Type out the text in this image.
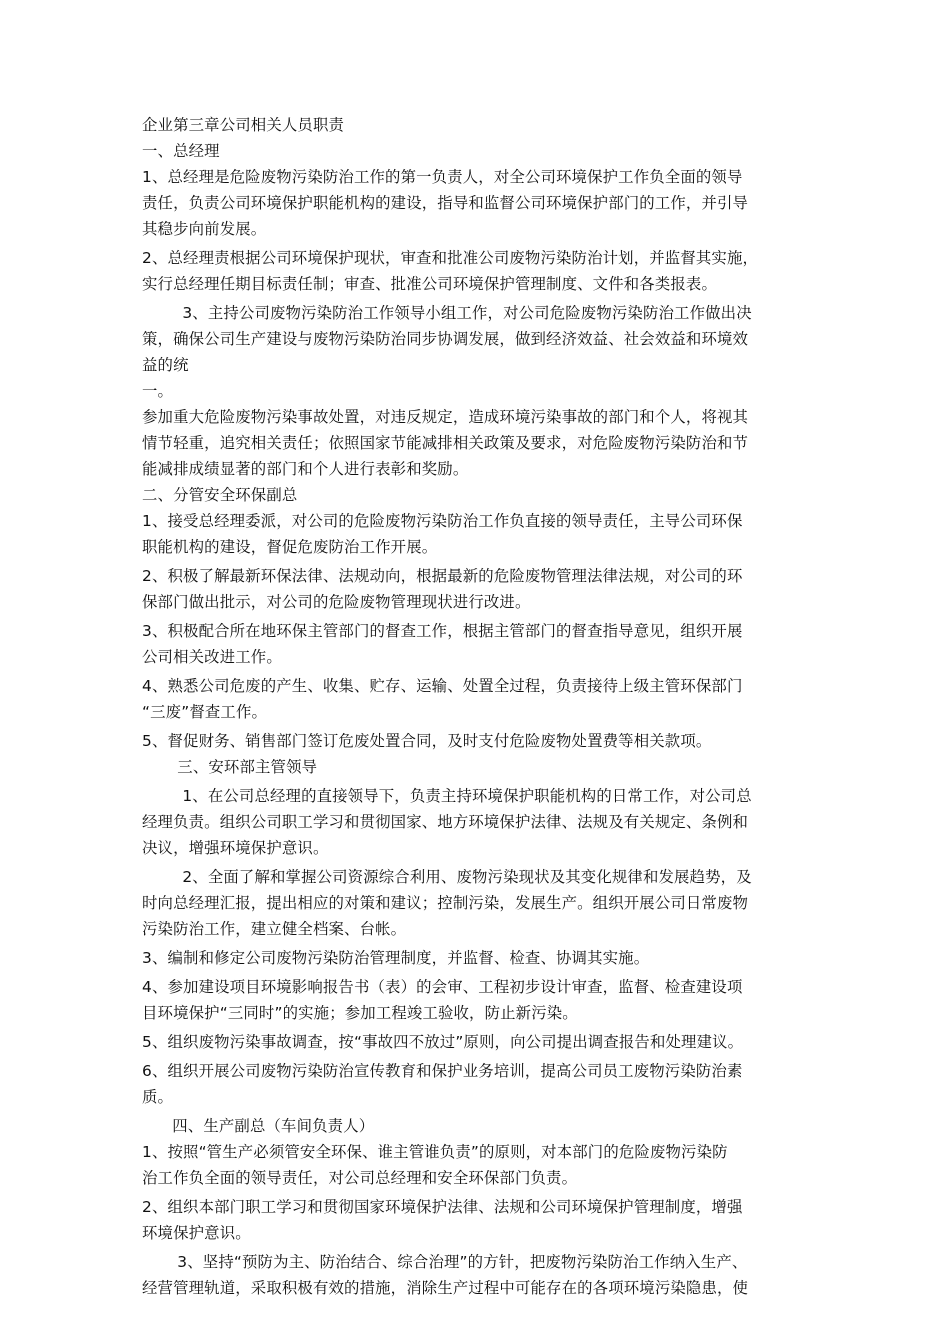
企业第三章公司相关人员职责
一、总经理
1、总经理是危险废物污染防治工作的第一负责人，对全公司环境保护工作负全面的领导
责任，负责公司环境保护职能机构的建设，指导和监督公司环境保护部门的工作，并引导
其稳步向前发展。
2、总经理责根据公司环境保护现状，审查和批准公司废物污染防治计划，并监督其实施，
实行总经理任期目标责任制；审查、批准公司环境保护管理制度、文件和各类报表。
3、主持公司废物污染防治工作领导小组工作，对公司危险废物污染防治工作做出决
策，确保公司生产建设与废物污染防治同步协调发展，做到经济效益、社会效益和环境效
益的统
一。
参加重大危险废物污染事故处置，对违反规定，造成环境污染事故的部门和个人，将视其
情节轻重，追究相关责任；依照国家节能减排相关政策及要求，对危险废物污染防治和节
能减排成绩显著的部门和个人进行表彰和奖励。
二、分管安全环保副总
1、接受总经理委派，对公司的危险废物污染防治工作负直接的领导责任，主导公司环保
职能机构的建设，督促危废防治工作开展。
2、积极了解最新环保法律、法规动向，根据最新的危险废物管理法律法规，对公司的环
保部门做出批示，对公司的危险废物管理现状进行改进。
3、积极配合所在地环保主管部门的督查工作，根据主管部门的督查指导意见，组织开展
公司相关改进工作。
4、熟悉公司危废的产生、收集、贮存、运输、处置全过程，负责接待上级主管环保部门
“三废”督查工作。
5、督促财务、销售部门签订危废处置合同，及时支付危险废物处置费等相关款项。
三、安环部主管领导
1、在公司总经理的直接领导下，负责主持环境保护职能机构的日常工作，对公司总
经理负责。组织公司职工学习和贯彻国家、地方环境保护法律、法规及有关规定、条例和
决议，增强环境保护意识。
2、全面了解和掌握公司资源综合利用、废物污染现状及其变化规律和发展趋势，及
时向总经理汇报，提出相应的对策和建议；控制污染，发展生产。组织开展公司日常废物
污染防治工作，建立健全档案、台帐。
3、编制和修定公司废物污染防治管理制度，并监督、检查、协调其实施。
4、参加建设项目环境影响报告书（表）的会审、工程初步设计审查，监督、检查建设项
目环境保护“三同时”的实施；参加工程竣工验收，防止新污染。
5、组织废物污染事故调查，按“事故四不放过”原则，向公司提出调查报告和处理建议。
6、组织开展公司废物污染防治宣传教育和保护业务培训，提高公司员工废物污染防治素
质。
四、生产副总（车间负责人）
1、按照“管生产必须管安全环保、谁主管谁负责”的原则，对本部门的危险废物污染防
治工作负全面的领导责任，对公司总经理和安全环保部门负责。
2、组织本部门职工学习和贯彻国家环境保护法律、法规和公司环境保护管理制度，增强
环境保护意识。
3、坚持“预防为主、防治结合、综合治理”的方针，把废物污染防治工作纳入生产、
经营管理轨道，采取积极有效的措施，消除生产过程中可能存在的各项环境污染隐患，使
